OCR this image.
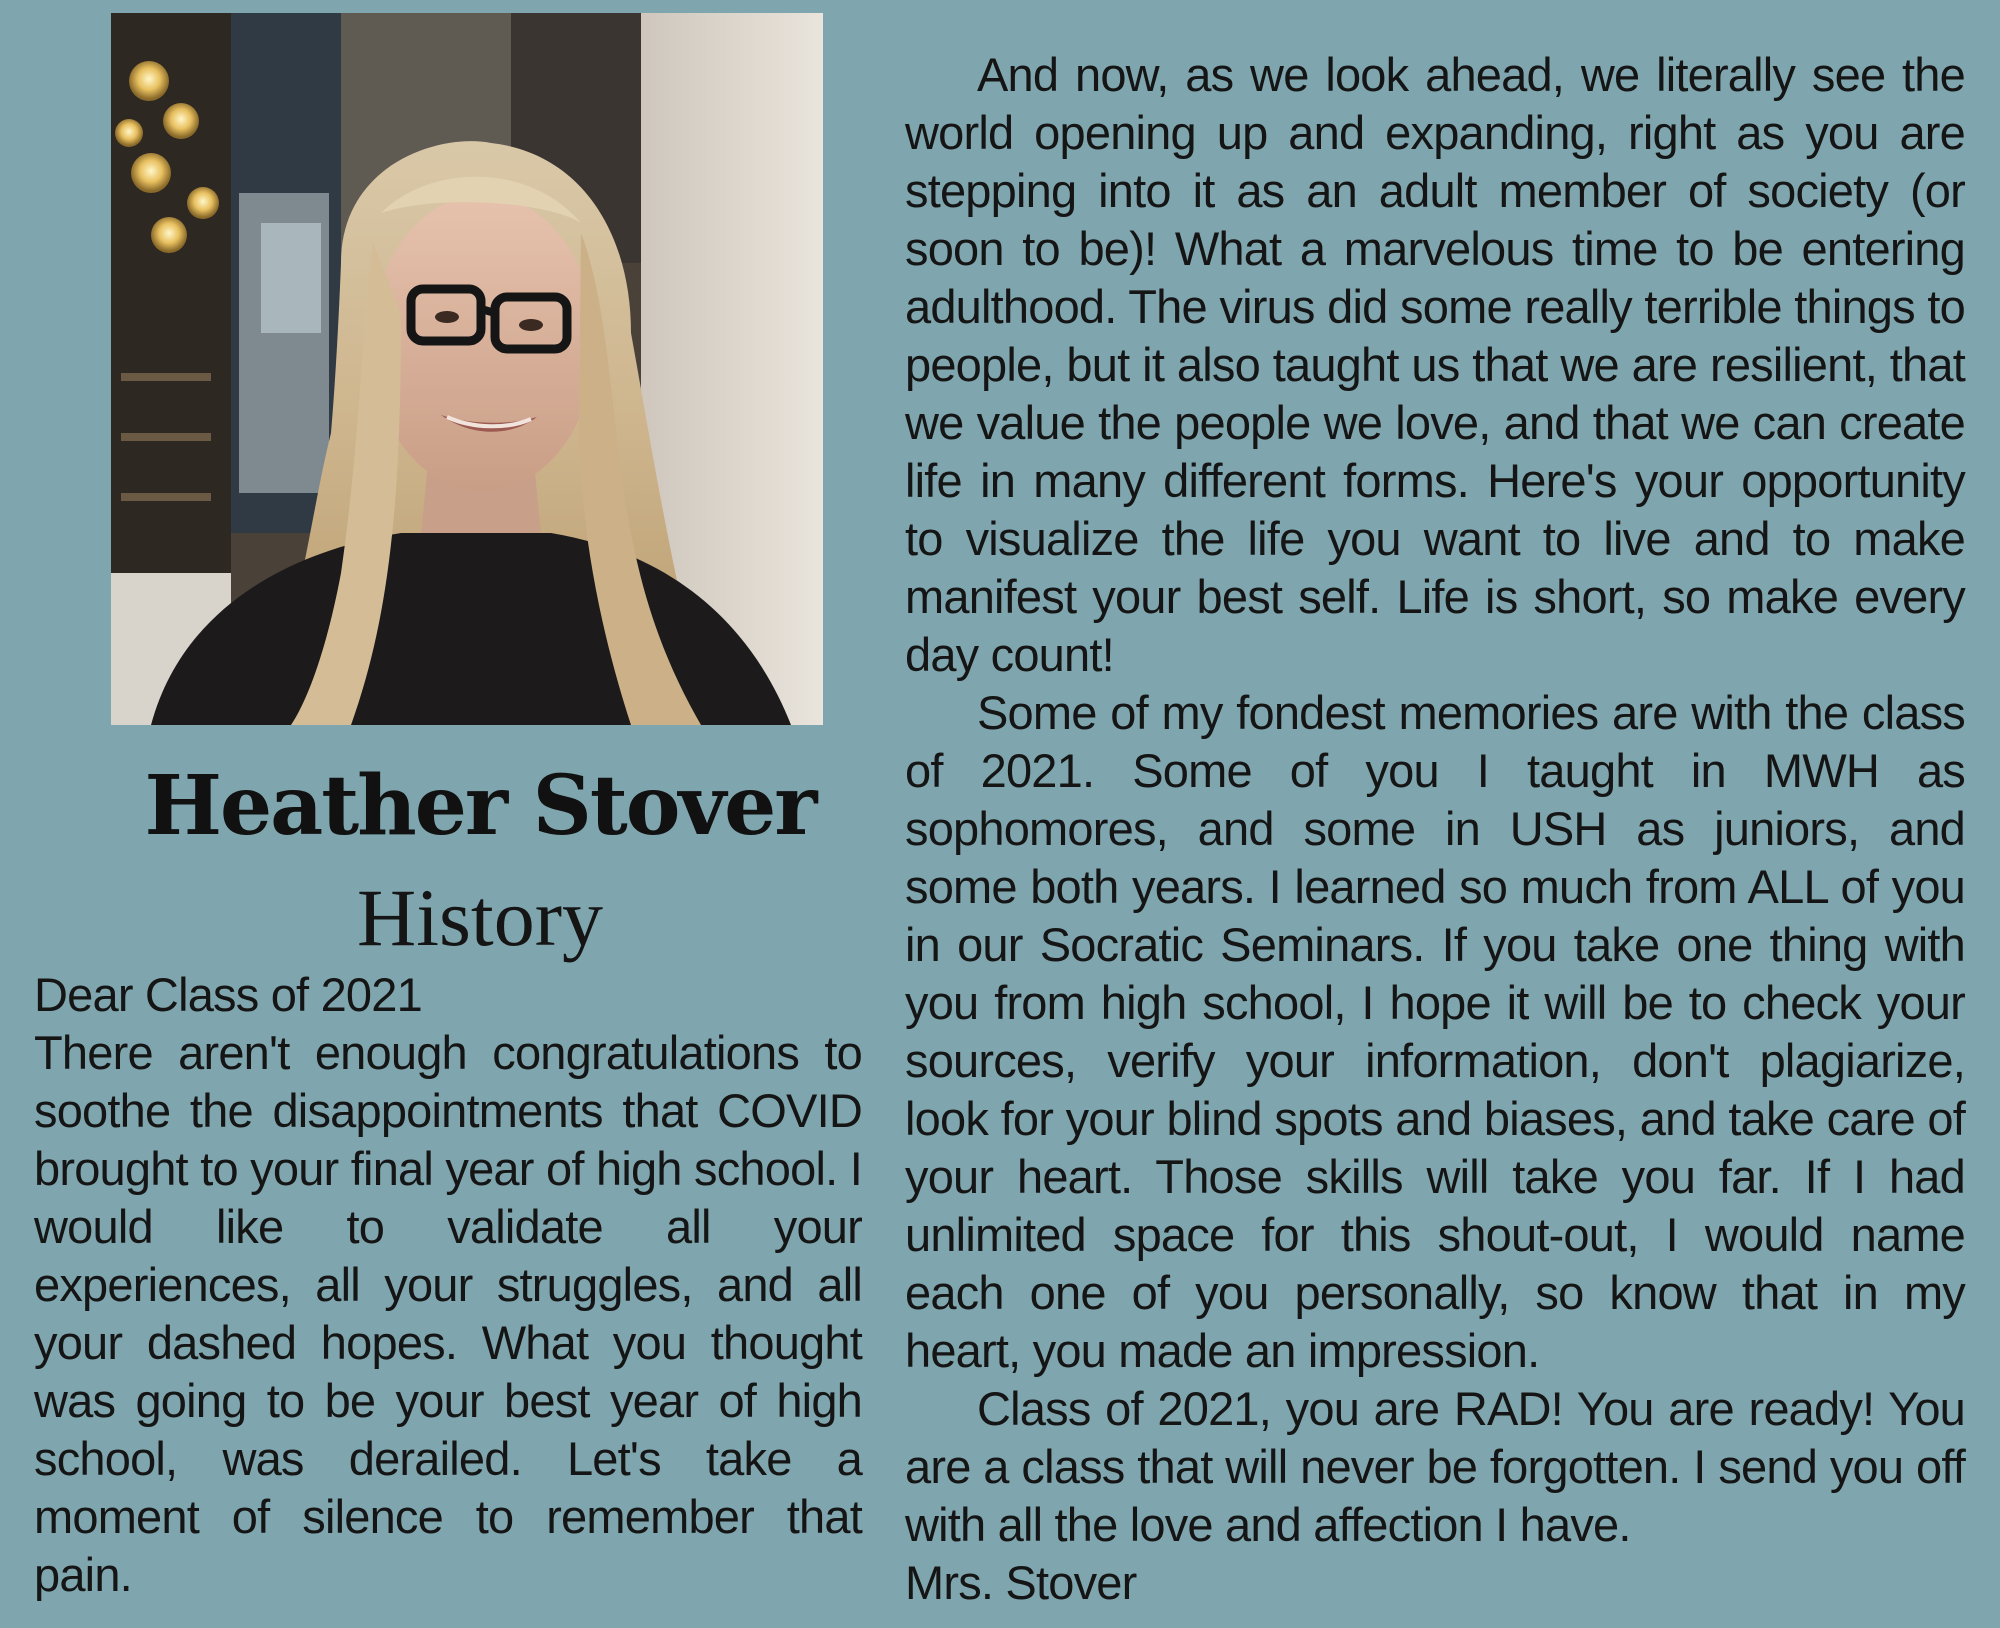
Heather Stover
History

Dear Class of 2021

There aren't enough congratulations to soothe the disappointments that COVID brought to your final year of high school. I would like to validate all your experiences, all your struggles, and all your dashed hopes. What you thought was going to be your best year of high school, was derailed. Let's take a moment of silence to remember that pain.

And now, as we look ahead, we literally see the world opening up and expanding, right as you are stepping into it as an adult member of society (or soon to be)! What a marvelous time to be entering adulthood. The virus did some really terrible things to people, but it also taught us that we are resilient, that we value the people we love, and that we can create life in many different forms. Here's your opportunity to visualize the life you want to live and to make manifest your best self. Life is short, so make every day count!

Some of my fondest memories are with the class of 2021. Some of you I taught in MWH as sophomores, and some in USH as juniors, and some both years. I learned so much from ALL of you in our Socratic Seminars. If you take one thing with you from high school, I hope it will be to check your sources, verify your information, don't plagiarize, look for your blind spots and biases, and take care of your heart. Those skills will take you far. If I had unlimited space for this shout-out, I would name each one of you personally, so know that in my heart, you made an impression.

Class of 2021, you are RAD! You are ready! You are a class that will never be forgotten. I send you off with all the love and affection I have.

Mrs. Stover
